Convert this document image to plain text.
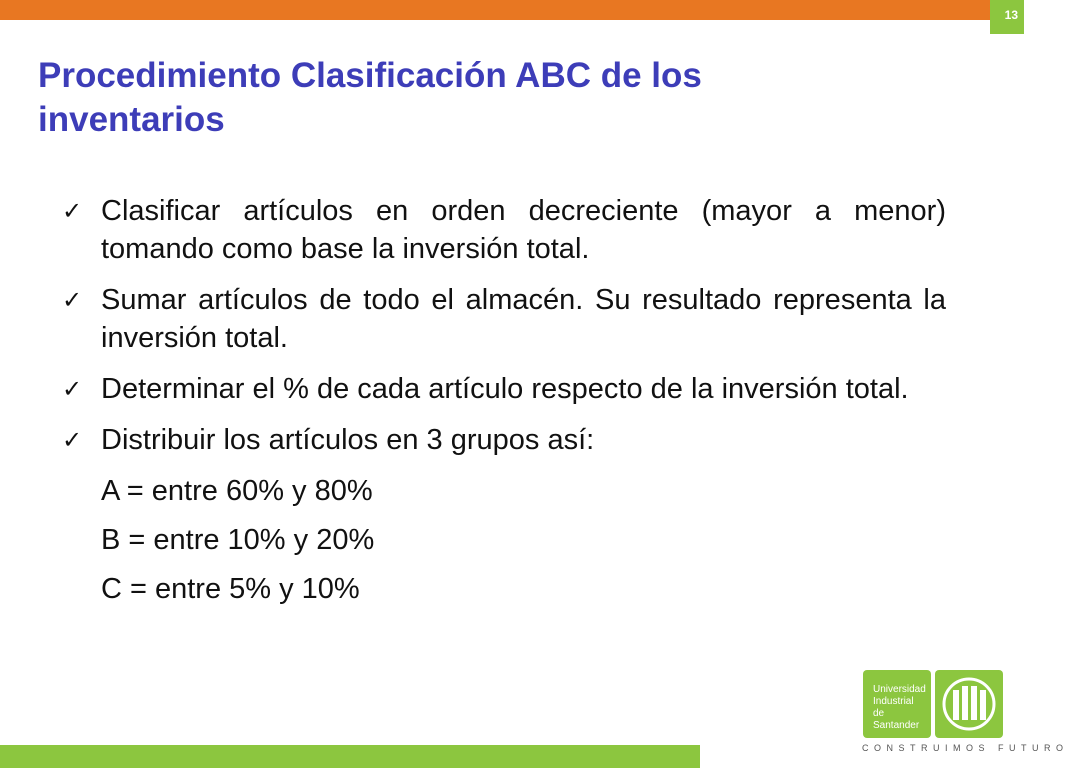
13
Procedimiento Clasificación ABC de los inventarios
✓ Clasificar artículos en orden decreciente (mayor a menor) tomando como base la inversión total.
✓ Sumar artículos de todo el almacén. Su resultado representa la inversión total.
✓ Determinar el % de cada artículo respecto de la inversión total.
✓ Distribuir los artículos en 3 grupos así:

A = entre 60% y 80%

B = entre 10% y 20%

C = entre 5% y 10%

Universidad
Industrial de
Santander
CONSTRUIMOS FUTURO
